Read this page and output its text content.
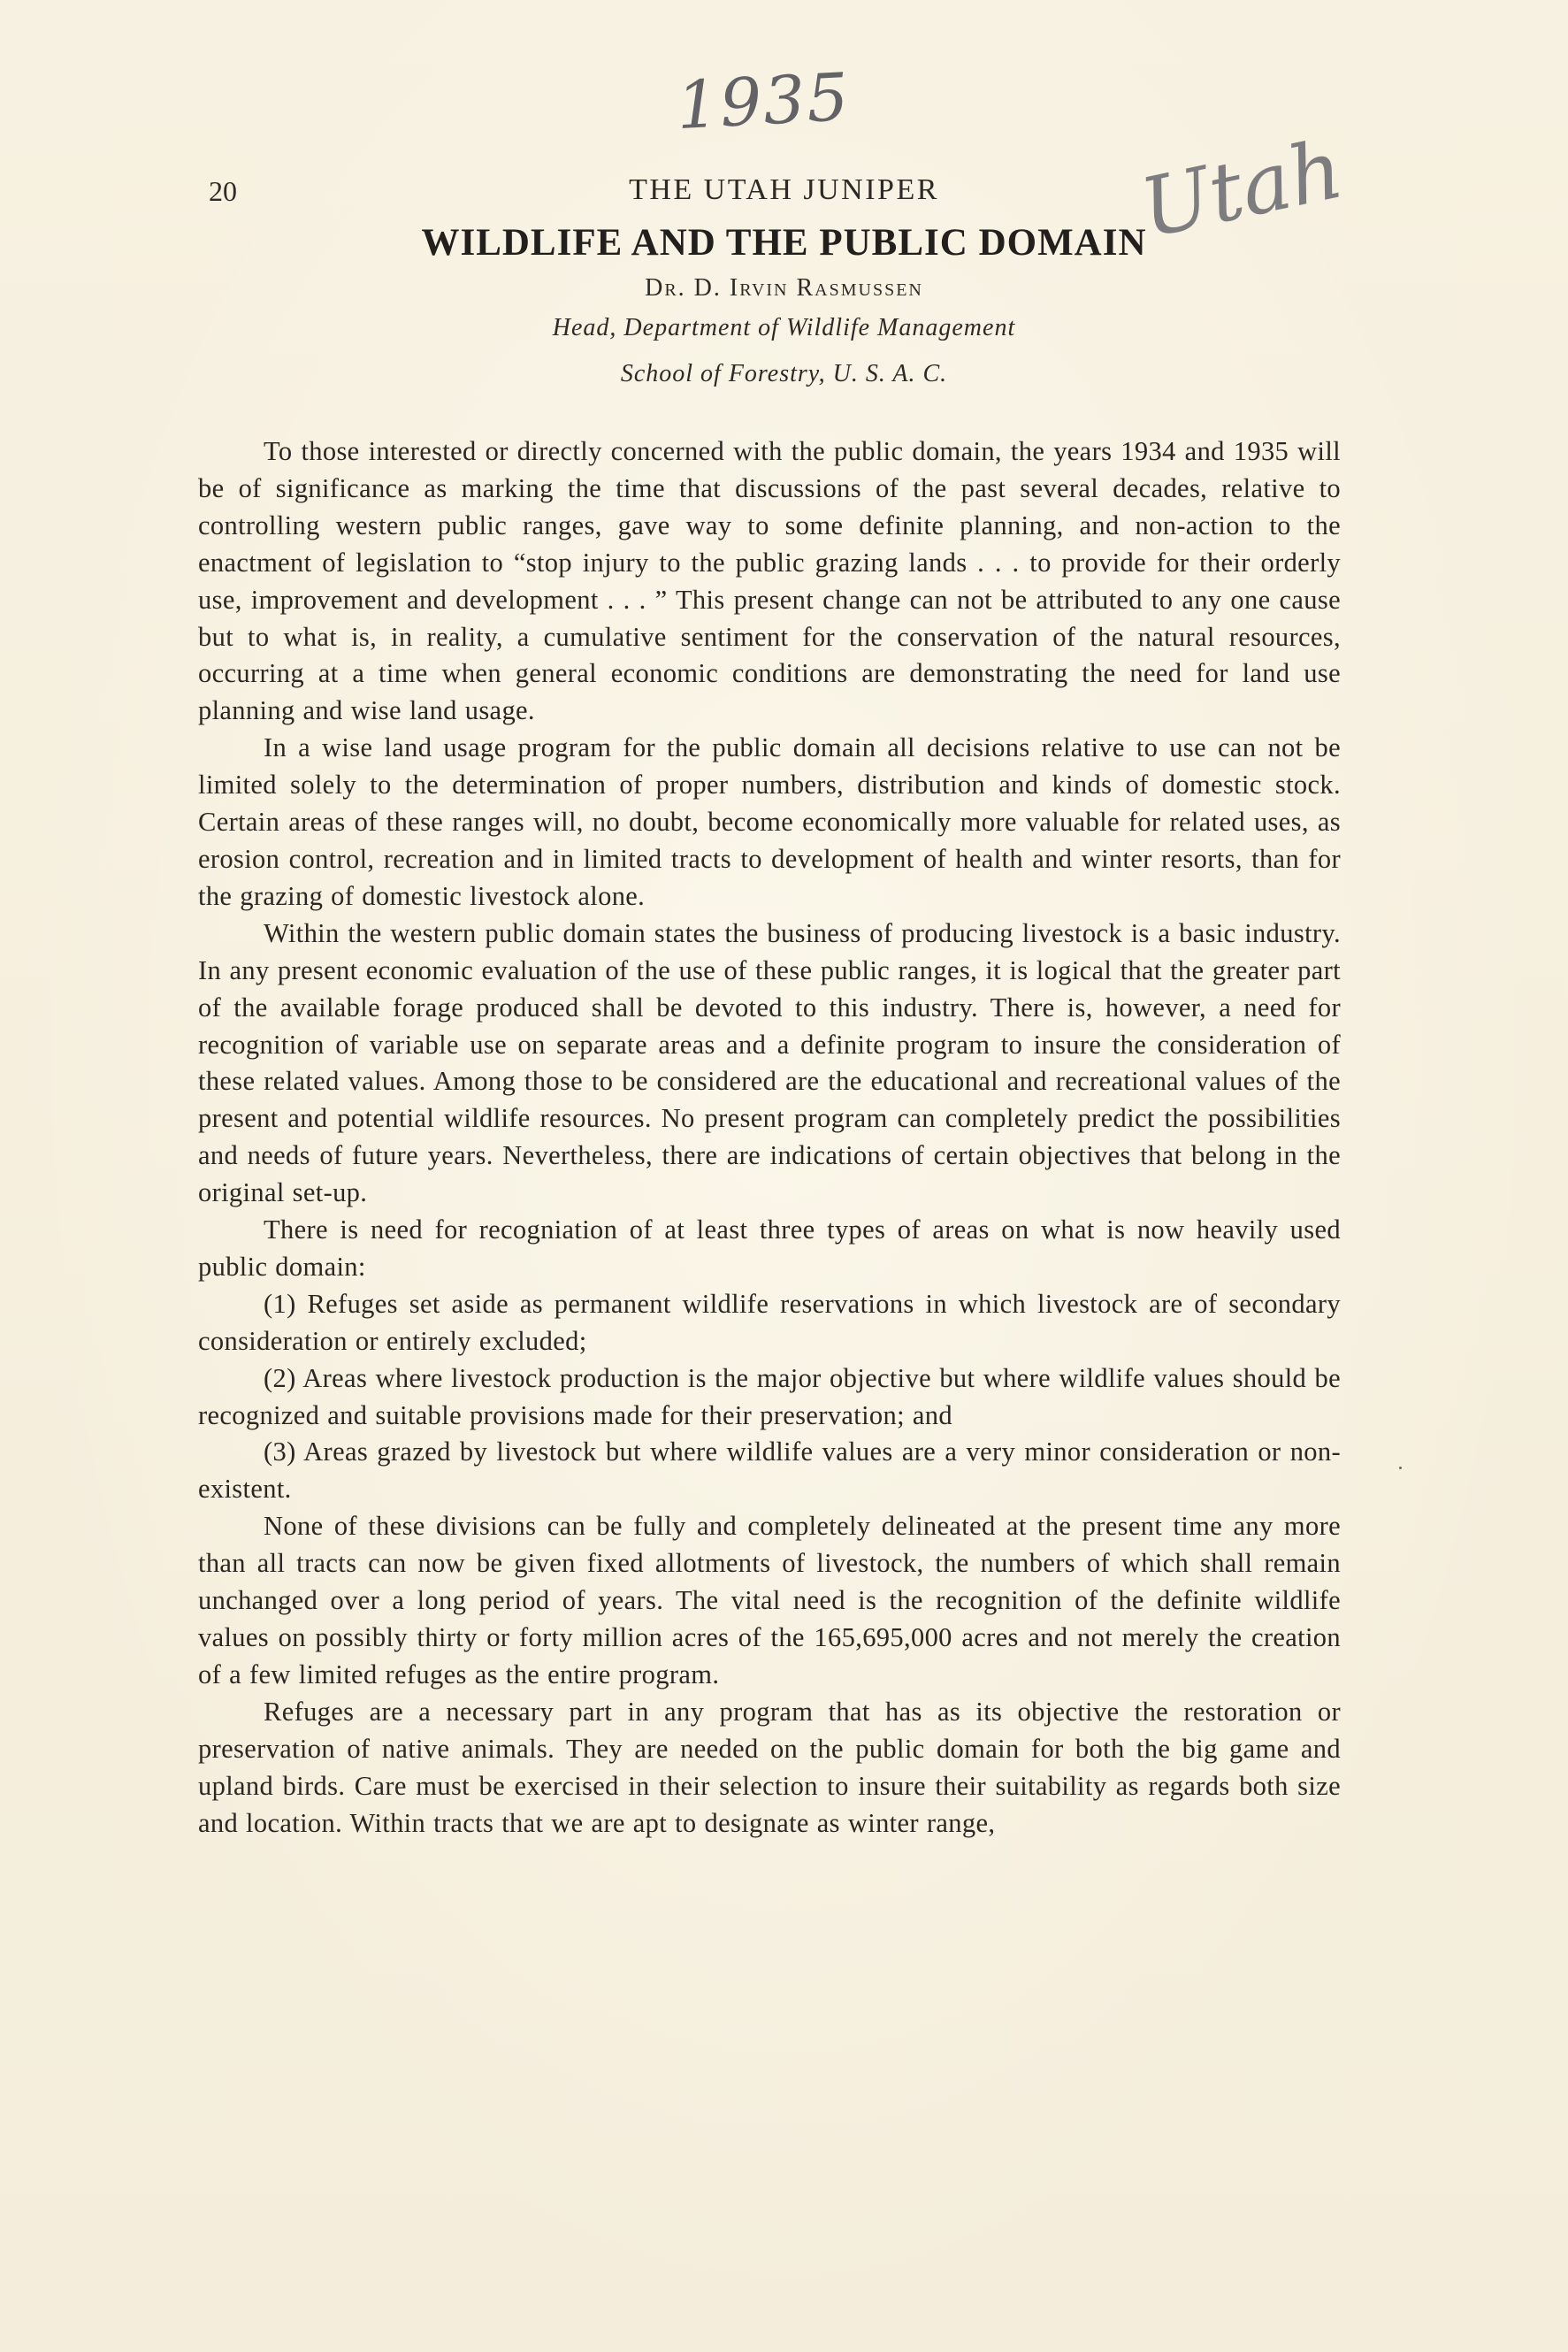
1935
Utah
20	THE UTAH JUNIPER
WILDLIFE AND THE PUBLIC DOMAIN
Dr. D. Irvin Rasmussen
Head, Department of Wildlife Management
School of Forestry, U. S. A. C.

To those interested or directly concerned with the public domain, the years 1934 and 1935 will be of significance as marking the time that discussions of the past several decades, relative to controlling western public ranges, gave way to some definite planning, and non-action to the enactment of legislation to “stop injury to the public grazing lands . . . to provide for their orderly use, improvement and development . . . ” This present change can not be attributed to any one cause but to what is, in reality, a cumulative sentiment for the conservation of the natural resources, occurring at a time when general economic conditions are demonstrating the need for land use planning and wise land usage.

In a wise land usage program for the public domain all decisions relative to use can not be limited solely to the determination of proper numbers, distribution and kinds of domestic stock. Certain areas of these ranges will, no doubt, become economically more valuable for related uses, as erosion control, recreation and in limited tracts to development of health and winter resorts, than for the grazing of domestic livestock alone.

Within the western public domain states the business of producing livestock is a basic industry. In any present economic evaluation of the use of these public ranges, it is logical that the greater part of the available forage produced shall be devoted to this industry. There is, however, a need for recognition of variable use on separate areas and a definite program to insure the consideration of these related values. Among those to be considered are the educational and recreational values of the present and potential wildlife resources. No present program can completely predict the possibilities and needs of future years. Nevertheless, there are indications of certain objectives that belong in the original set-up.

There is need for recogniation of at least three types of areas on what is now heavily used public domain:

(1) Refuges set aside as permanent wildlife reservations in which livestock are of secondary consideration or entirely excluded;

(2) Areas where livestock production is the major objective but where wildlife values should be recognized and suitable provisions made for their preservation; and

(3) Areas grazed by livestock but where wildlife values are a very minor consideration or non-existent.

None of these divisions can be fully and completely delineated at the present time any more than all tracts can now be given fixed allotments of livestock, the numbers of which shall remain unchanged over a long period of years. The vital need is the recognition of the definite wildlife values on possibly thirty or forty million acres of the 165,695,000 acres and not merely the creation of a few limited refuges as the entire program.

Refuges are a necessary part in any program that has as its objective the restoration or preservation of native animals. They are needed on the public domain for both the big game and upland birds. Care must be exercised in their selection to insure their suitability as regards both size and location. Within tracts that we are apt to designate as winter range,
